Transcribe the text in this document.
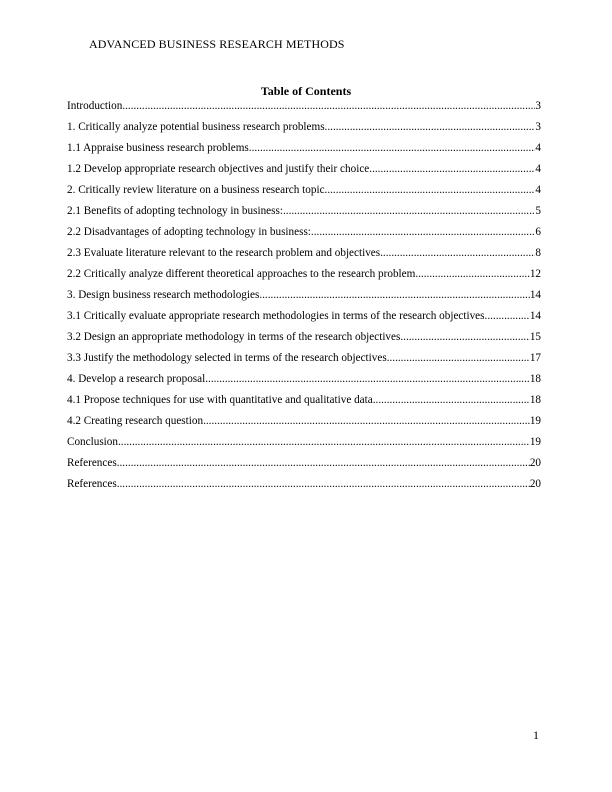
ADVANCED BUSINESS RESEARCH METHODS
Table of Contents
Introduction .....	3
1. Critically analyze potential business research problems .....	3
1.1 Appraise business research problems .....	4
1.2 Develop appropriate research objectives and justify their choice .....	4
2. Critically review literature on a business research topic .....	4
2.1 Benefits of adopting technology in business: .....	5
2.2 Disadvantages of adopting technology in business: .....	6
2.3 Evaluate literature relevant to the research problem and objectives .....	8
2.2 Critically analyze different theoretical approaches to the research problem .....	12
3. Design business research methodologies .....	14
3.1 Critically evaluate appropriate research methodologies in terms of the research objectives .....	14
3.2 Design an appropriate methodology in terms of the research objectives .....	15
3.3 Justify the methodology selected in terms of the research objectives .....	17
4. Develop a research proposal .....	18
4.1 Propose techniques for use with quantitative and qualitative data .....	18
4.2 Creating research question .....	19
Conclusion .....	19
References .....	20
References .....	20
1
